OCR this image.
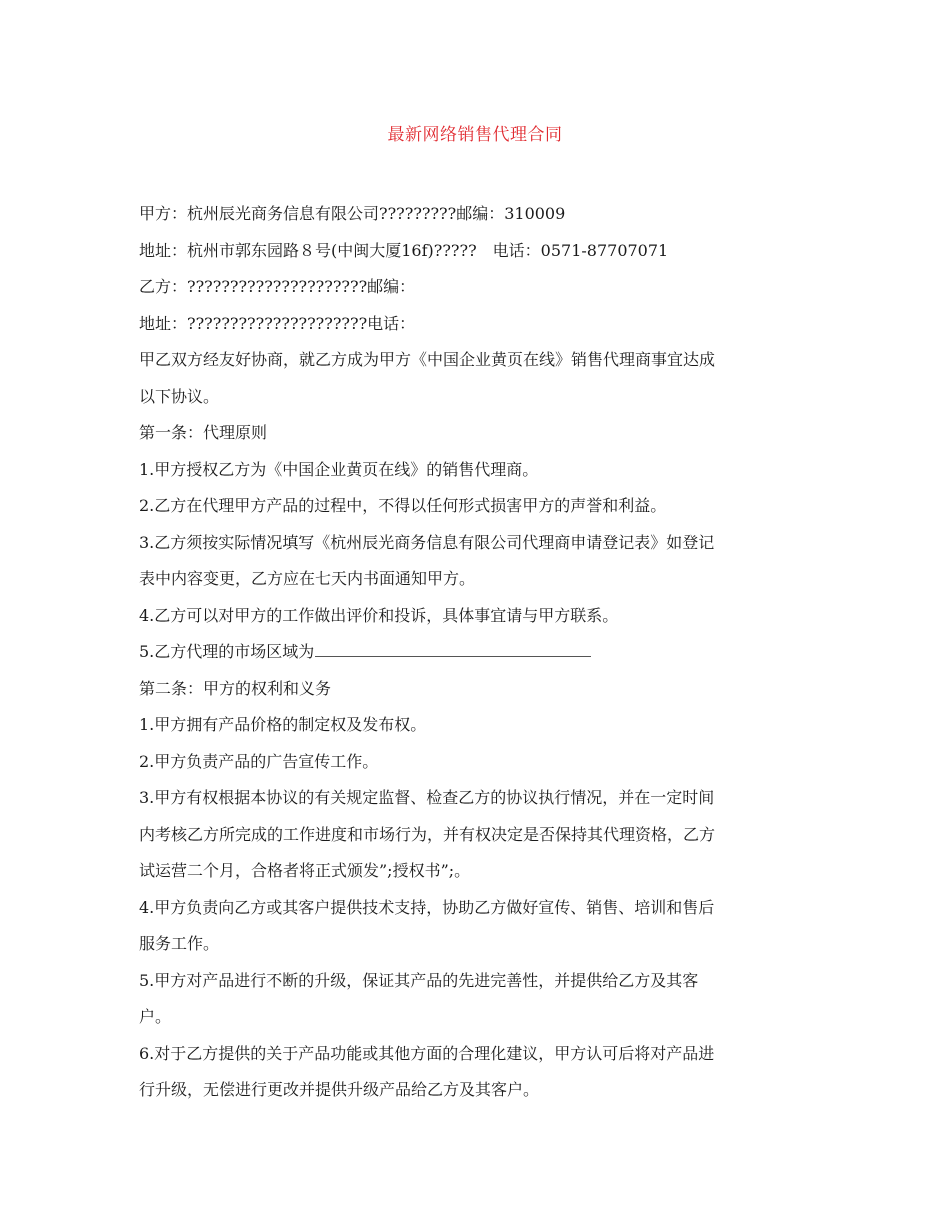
最新网络销售代理合同
甲方：杭州辰光商务信息有限公司?????????邮编：310009
地址：杭州市郭东园路８号(中闽大厦16f)?????　电话：0571-87707071
乙方：?????????????????????邮编：
地址：?????????????????????电话：
甲乙双方经友好协商，就乙方成为甲方《中国企业黄页在线》销售代理商事宜达成
以下协议。
第一条：代理原则
1.甲方授权乙方为《中国企业黄页在线》的销售代理商。
2.乙方在代理甲方产品的过程中，不得以任何形式损害甲方的声誉和利益。
3.乙方须按实际情况填写《杭州辰光商务信息有限公司代理商申请登记表》如登记
表中内容变更，乙方应在七天内书面通知甲方。
4.乙方可以对甲方的工作做出评价和投诉，具体事宜请与甲方联系。
5.乙方代理的市场区域为
第二条：甲方的权利和义务
1.甲方拥有产品价格的制定权及发布权。
2.甲方负责产品的广告宣传工作。
3.甲方有权根据本协议的有关规定监督、检查乙方的协议执行情况，并在一定时间
内考核乙方所完成的工作进度和市场行为，并有权决定是否保持其代理资格，乙方
试运营二个月，合格者将正式颁发”;授权书”;。
4.甲方负责向乙方或其客户提供技术支持，协助乙方做好宣传、销售、培训和售后
服务工作。
5.甲方对产品进行不断的升级，保证其产品的先进完善性，并提供给乙方及其客
户。
6.对于乙方提供的关于产品功能或其他方面的合理化建议，甲方认可后将对产品进
行升级，无偿进行更改并提供升级产品给乙方及其客户。
